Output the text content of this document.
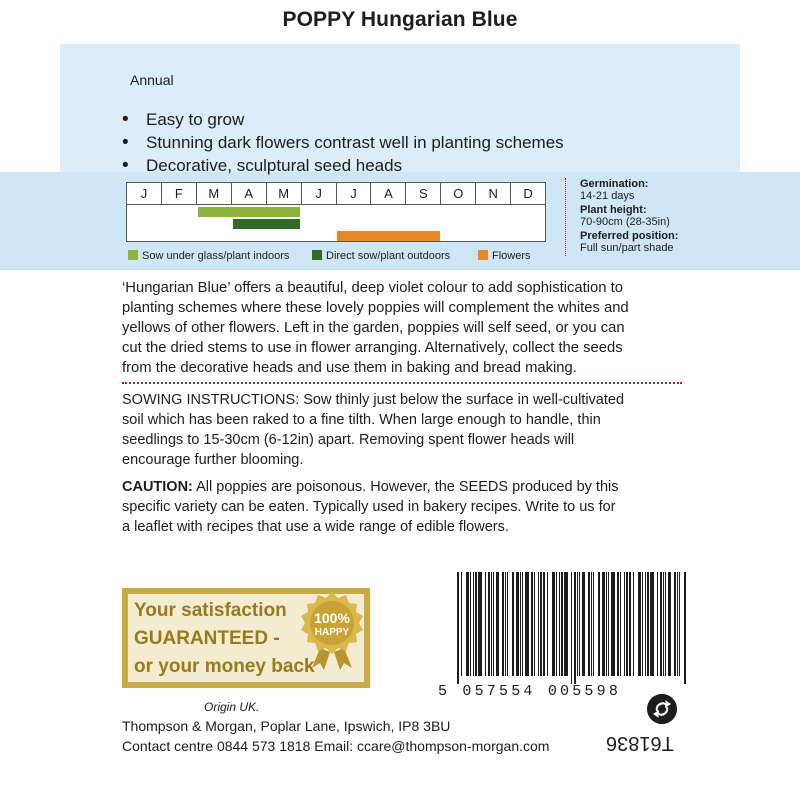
POPPY Hungarian Blue
Annual
• Easy to grow
• Stunning dark flowers contrast well in planting schemes
• Decorative, sculptural seed heads
J	F	M	A	M	J	J	A	S	O	N	D
Sow under glass/plant indoors	Direct sow/plant outdoors	Flowers
Germination:
14-21 days
Plant height:
70-90cm (28-35in)
Preferred position:
Full sun/part shade
‘Hungarian Blue’ offers a beautiful, deep violet colour to add sophistication to
planting schemes where these lovely poppies will complement the whites and
yellows of other flowers. Left in the garden, poppies will self seed, or you can
cut the dried stems to use in flower arranging. Alternatively, collect the seeds
from the decorative heads and use them in baking and bread making.
SOWING INSTRUCTIONS: Sow thinly just below the surface in well-cultivated
soil which has been raked to a fine tilth. When large enough to handle, thin
seedlings to 15-30cm (6-12in) apart. Removing spent flower heads will
encourage further blooming.
CAUTION: All poppies are poisonous. However, the SEEDS produced by this
specific variety can be eaten. Typically used in bakery recipes. Write to us for
a leaflet with recipes that use a wide range of edible flowers.
Your satisfaction
GUARANTEED -
or your money back
100%
HAPPY
Origin UK.
Thompson & Morgan, Poplar Lane, Ipswich, IP8 3BU
Contact centre 0844 573 1818 Email: ccare@thompson-morgan.com
5 057554 005598
T61836
